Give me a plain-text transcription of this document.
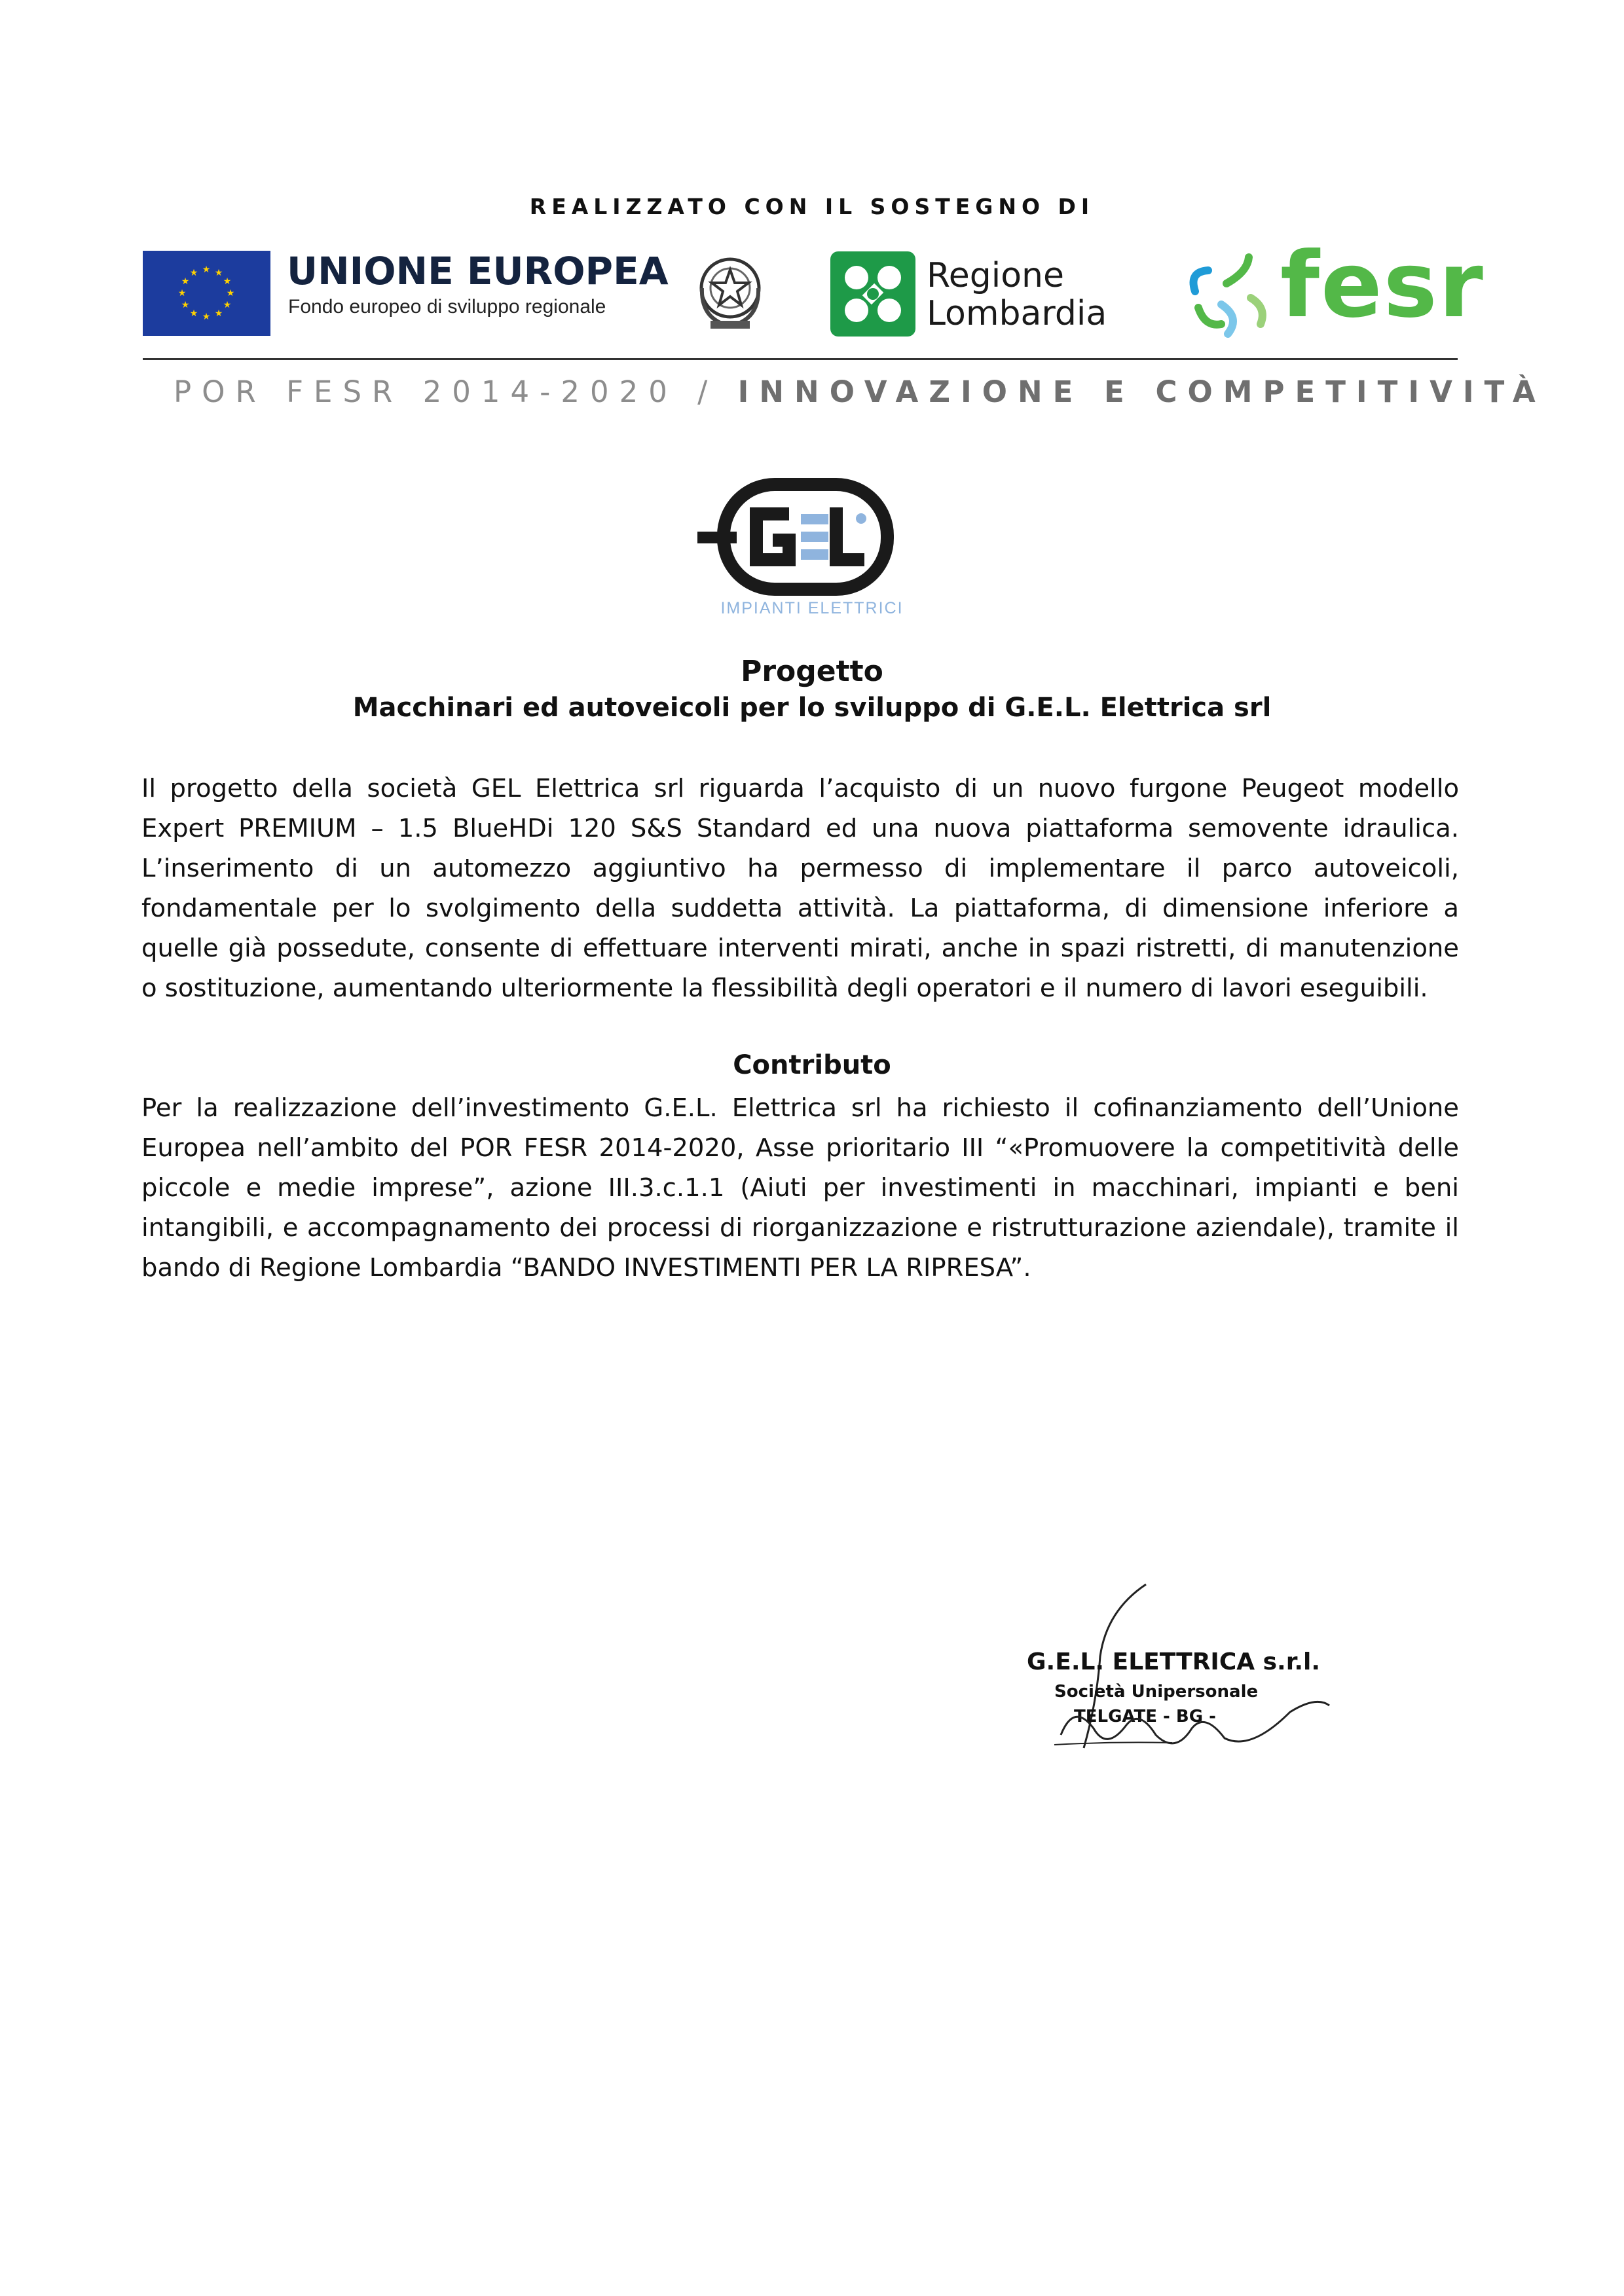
REALIZZATO CON IL SOSTEGNO DI
★ ★
★
★
★
★
★
★
★
★
★
★ UNIONE EUROPEA
Fondo europeo di sviluppo regionale
Regione
Lombardia fesr
POR FESR 2014-2020 / INNOVAZIONE E COMPETITIVITÀ
IMPIANTI ELETTRICI
Progetto
Macchinari ed autoveicoli per lo sviluppo di G.E.L. Elettrica srl

Il progetto della società GEL Elettrica srl riguarda l’acquisto di un nuovo furgone Peugeot modello Expert PREMIUM – 1.5 BlueHDi 120 S&S Standard ed una nuova piattaforma semovente idraulica. L’inserimento di un automezzo aggiuntivo ha permesso di implementare il parco autoveicoli, fondamentale per lo svolgimento della suddetta attività. La piattaforma, di dimensione inferiore a quelle già possedute, consente di effettuare interventi mirati, anche in spazi ristretti, di manutenzione o sostituzione, aumentando ulteriormente la flessibilità degli operatori e il numero di lavori eseguibili.

Contributo

Per la realizzazione dell’investimento G.E.L. Elettrica srl ha richiesto il cofinanziamento dell’Unione Europea nell’ambito del POR FESR 2014-2020, Asse prioritario III “«Promuovere la competitività delle piccole e medie imprese”, azione III.3.c.1.1 (Aiuti per investimenti in macchinari, impianti e beni intangibili, e accompagnamento dei processi di riorganizzazione e ristrutturazione aziendale), tramite il bando di Regione Lombardia “BANDO INVESTIMENTI PER LA RIPRESA”.

G.E.L. ELETTRICA s.r.l.
Società Unipersonale
TELGATE - BG -
